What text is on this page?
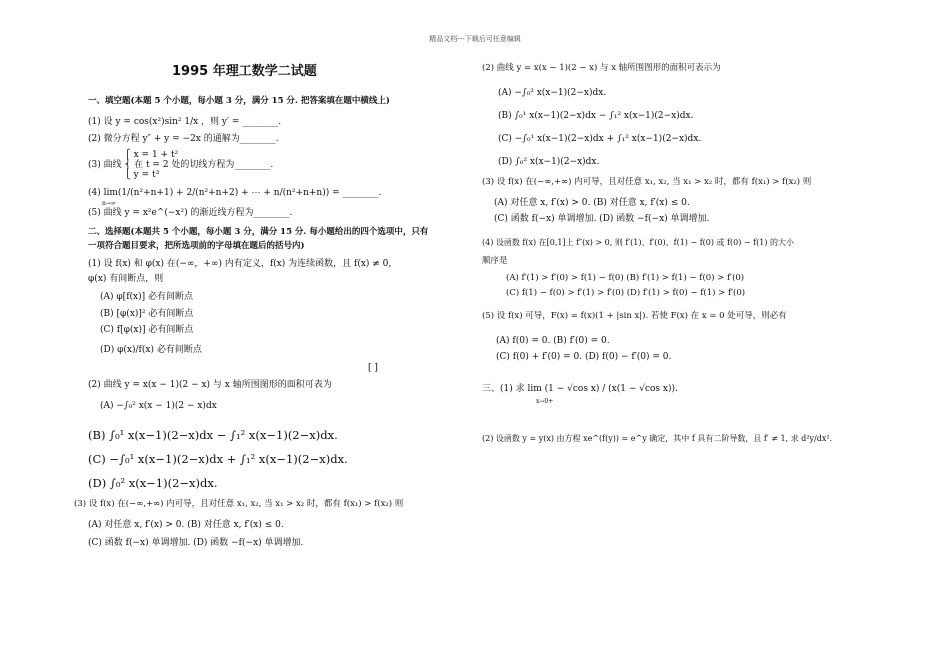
精品文档---下载后可任意编辑
1995 年理工数学二试题
一、填空题(本题 5 个小题，每小题 3 分，满分 15 分. 把答案填在题中横线上)
(1) 设 y = cos(x²)sin² 1/x ，则 y′ = ________.
(2) 微分方程 y″ + y = −2x 的通解为________.
⎧ x = 1 + t²
(3) 曲线 ⎨ 在 t = 2 处的切线方程为________.
⎩ y = t³
(4) lim(1/(n²+n+1) + 2/(n²+n+2) + ⋯ + n/(n²+n+n)) = ________.
n→∞
(5) 曲线 y = x²e^(−x²) 的渐近线方程为________.
二、选择题(本题共 5 个小题，每小题 3 分，满分 15 分. 每小题给出的四个选项中，只有
一项符合题目要求，把所选项前的字母填在题后的括号内)
(1) 设 f(x) 和 φ(x) 在(−∞，+∞) 内有定义，f(x) 为连续函数，且 f(x) ≠ 0，
φ(x) 有间断点，则
(A) φ[f(x)] 必有间断点
(B) [φ(x)]² 必有间断点
(C) f[φ(x)] 必有间断点
(D) φ(x)/f(x) 必有间断点
[ ]
(2) 曲线 y = x(x − 1)(2 − x) 与 x 轴所围图形的面积可表为
(A) −∫₀² x(x − 1)(2 − x)dx
(B) ∫₀¹ x(x−1)(2−x)dx − ∫₁² x(x−1)(2−x)dx.
(C) −∫₀¹ x(x−1)(2−x)dx + ∫₁² x(x−1)(2−x)dx.
(D) ∫₀² x(x−1)(2−x)dx.
(3) 设 f(x) 在(−∞,+∞) 内可导，且对任意 x₁, x₂, 当 x₁ > x₂ 时，都有 f(x₁) > f(x₂) 则
(A) 对任意 x, f′(x) > 0. (B) 对任意 x, f′(x) ≤ 0.
(C) 函数 f(−x) 单调增加. (D) 函数 −f(−x) 单调增加.
(2) 曲线 y = x(x − 1)(2 − x) 与 x 轴所围图形的面积可表示为
(A) −∫₀² x(x−1)(2−x)dx.
(B) ∫₀¹ x(x−1)(2−x)dx − ∫₁² x(x−1)(2−x)dx.
(C) −∫₀¹ x(x−1)(2−x)dx + ∫₁² x(x−1)(2−x)dx.
(D) ∫₀² x(x−1)(2−x)dx.
(3) 设 f(x) 在(−∞,+∞) 内可导，且对任意 x₁, x₂, 当 x₁ > x₂ 时，都有 f(x₁) > f(x₂) 则
(A) 对任意 x, f′(x) > 0. (B) 对任意 x, f′(x) ≤ 0.
(C) 函数 f(−x) 单调增加. (D) 函数 −f(−x) 单调增加.
(4) 设函数 f(x) 在[0,1]上 f″(x) > 0, 则 f′(1)、f′(0)、f(1) − f(0) 或 f(0) − f(1) 的大小
顺序是
(A) f′(1) > f′(0) > f(1) − f(0) (B) f′(1) > f(1) − f(0) > f′(0)
(C) f(1) − f(0) > f′(1) > f′(0) (D) f′(1) > f(0) − f(1) > f′(0)
(5) 设 f(x) 可导，F(x) = f(x)(1 + |sin x|). 若使 F(x) 在 x = 0 处可导，则必有
(A) f(0) = 0. (B) f′(0) = 0.
(C) f(0) + f′(0) = 0. (D) f(0) − f′(0) = 0.
三、(1) 求 lim (1 − √cos x) / (x(1 − √cos x)).
x→0+
(2) 设函数 y = y(x) 由方程 xe^(f(y)) = e^y 确定，其中 f 具有二阶导数，且 f′ ≠ 1, 求 d²y/dx².
